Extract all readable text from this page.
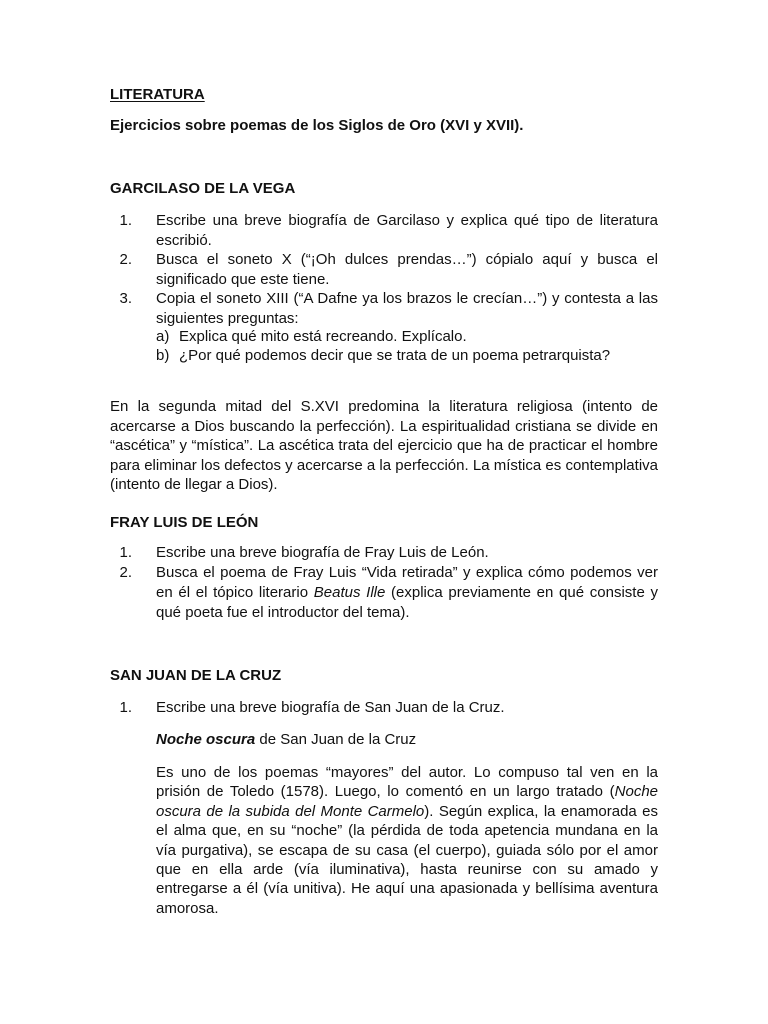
LITERATURA
Ejercicios sobre poemas de los Siglos de Oro (XVI y XVII).
GARCILASO DE LA VEGA
1. Escribe una breve biografía de Garcilaso y explica qué tipo de literatura escribió.
2. Busca el soneto X (“¡Oh dulces prendas…”) cópialo aquí y busca el significado que este tiene.
3. Copia el soneto XIII (“A Dafne ya los brazos le crecían…”) y contesta a las siguientes preguntas:
a) Explica qué mito está recreando. Explícalo.
b) ¿Por qué podemos decir que se trata de un poema petrarquista?
En la segunda mitad del S.XVI predomina la literatura religiosa (intento de acercarse a Dios buscando la perfección). La espiritualidad cristiana se divide en “ascética” y “mística”. La ascética trata del ejercicio que ha de practicar el hombre para eliminar los defectos y acercarse a la perfección. La mística es contemplativa (intento de llegar a Dios).
FRAY LUIS DE LEÓN
1. Escribe una breve biografía de Fray Luis de León.
2. Busca el poema de Fray Luis “Vida retirada” y explica cómo podemos ver en él el tópico literario Beatus Ille (explica previamente en qué consiste y qué poeta fue el introductor del tema).
SAN JUAN DE LA CRUZ
1. Escribe una breve biografía de San Juan de la Cruz.
Noche oscura de San Juan de la Cruz
Es uno de los poemas “mayores” del autor. Lo compuso tal ven en la prisión de Toledo (1578). Luego, lo comentó en un largo tratado (Noche oscura de la subida del Monte Carmelo). Según explica, la enamorada es el alma que, en su “noche” (la pérdida de toda apetencia mundana en la vía purgativa), se escapa de su casa (el cuerpo), guiada sólo por el amor que en ella arde (vía iluminativa), hasta reunirse con su amado y entregarse a él (vía unitiva). He aquí una apasionada y bellísima aventura amorosa.
